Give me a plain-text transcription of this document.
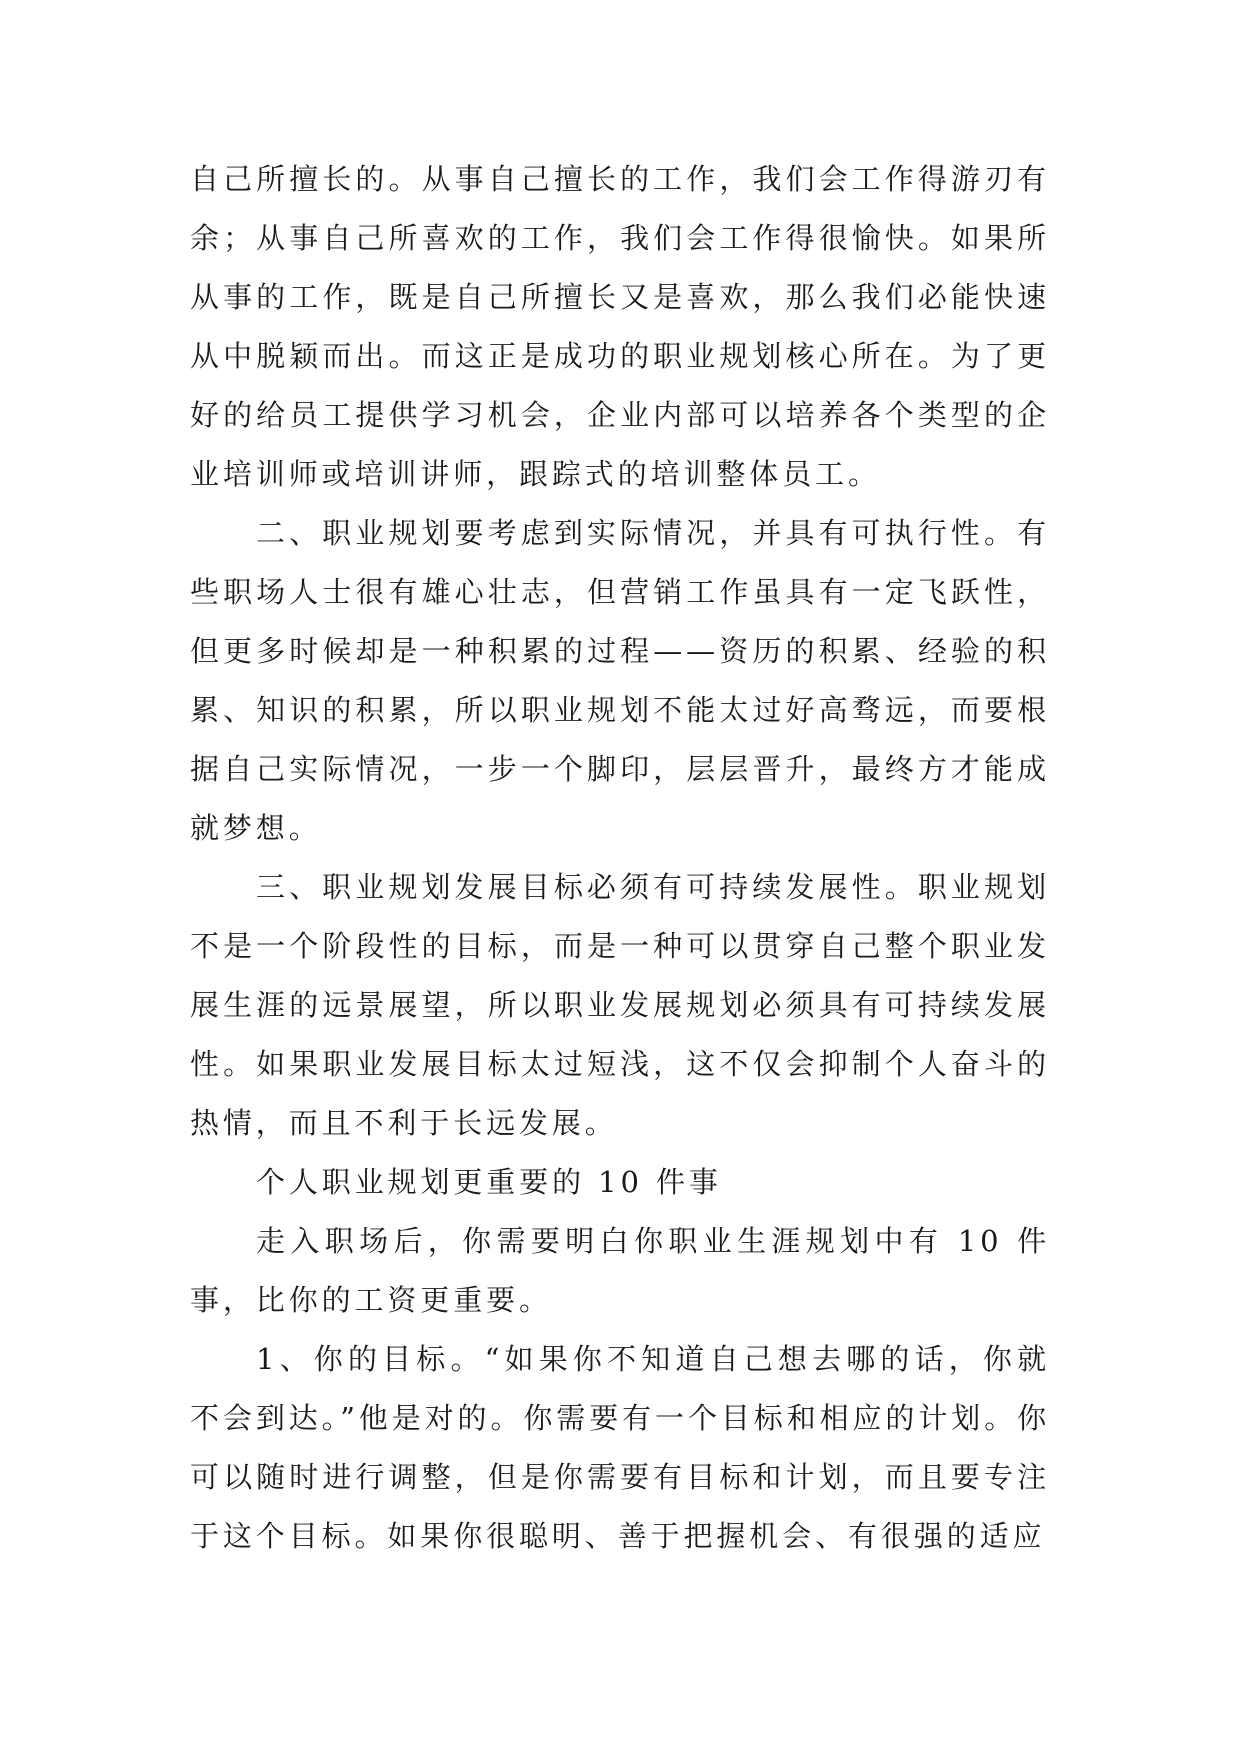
自己所擅长的。从事自己擅长的工作，我们会工作得游刃有余；从事自己所喜欢的工作，我们会工作得很愉快。如果所从事的工作，既是自己所擅长又是喜欢，那么我们必能快速从中脱颖而出。而这正是成功的职业规划核心所在。为了更好的给员工提供学习机会，企业内部可以培养各个类型的企业培训师或培训讲师，跟踪式的培训整体员工。

二、职业规划要考虑到实际情况，并具有可执行性。有些职场人士很有雄心壮志，但营销工作虽具有一定飞跃性，但更多时候却是一种积累的过程——资历的积累、经验的积累、知识的积累，所以职业规划不能太过好高骛远，而要根据自己实际情况，一步一个脚印，层层晋升，最终方才能成就梦想。

三、职业规划发展目标必须有可持续发展性。职业规划不是一个阶段性的目标，而是一种可以贯穿自己整个职业发展生涯的远景展望，所以职业发展规划必须具有可持续发展性。如果职业发展目标太过短浅，这不仅会抑制个人奋斗的热情，而且不利于长远发展。

个人职业规划更重要的 10 件事

走入职场后，你需要明白你职业生涯规划中有 10 件事，比你的工资更重要。

1、你的目标。“如果你不知道自己想去哪的话，你就不会到达。”他是对的。你需要有一个目标和相应的计划。你可以随时进行调整，但是你需要有目标和计划，而且要专注于这个目标。如果你很聪明、善于把握机会、有很强的适应
